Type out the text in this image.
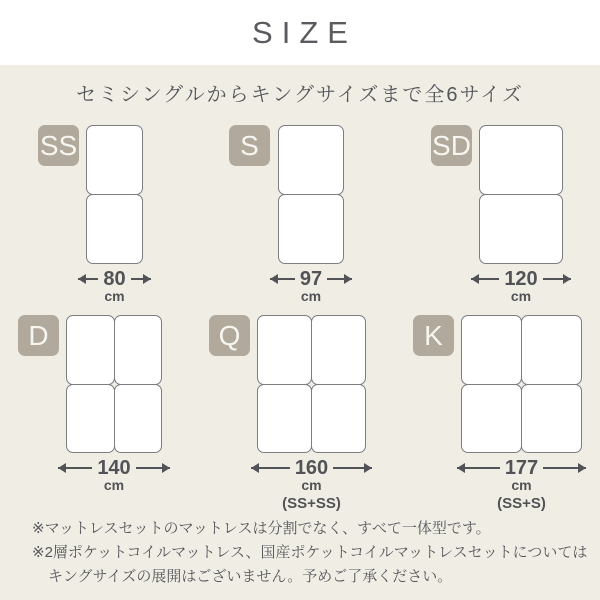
SIZE
セミシングルからキングサイズまで全6サイズ
SS
80
cm
S
97
cm
SD
120
cm
D
140
cm
Q
160
cm
(SS+SS)
K
177
cm
(SS+S)

※マットレスセットのマットレスは分割でなく、すべて一体型です。

※2層ポケットコイルマットレス、国産ポケットコイルマットレスセットについては

キングサイズの展開はございません。予めご了承ください。
